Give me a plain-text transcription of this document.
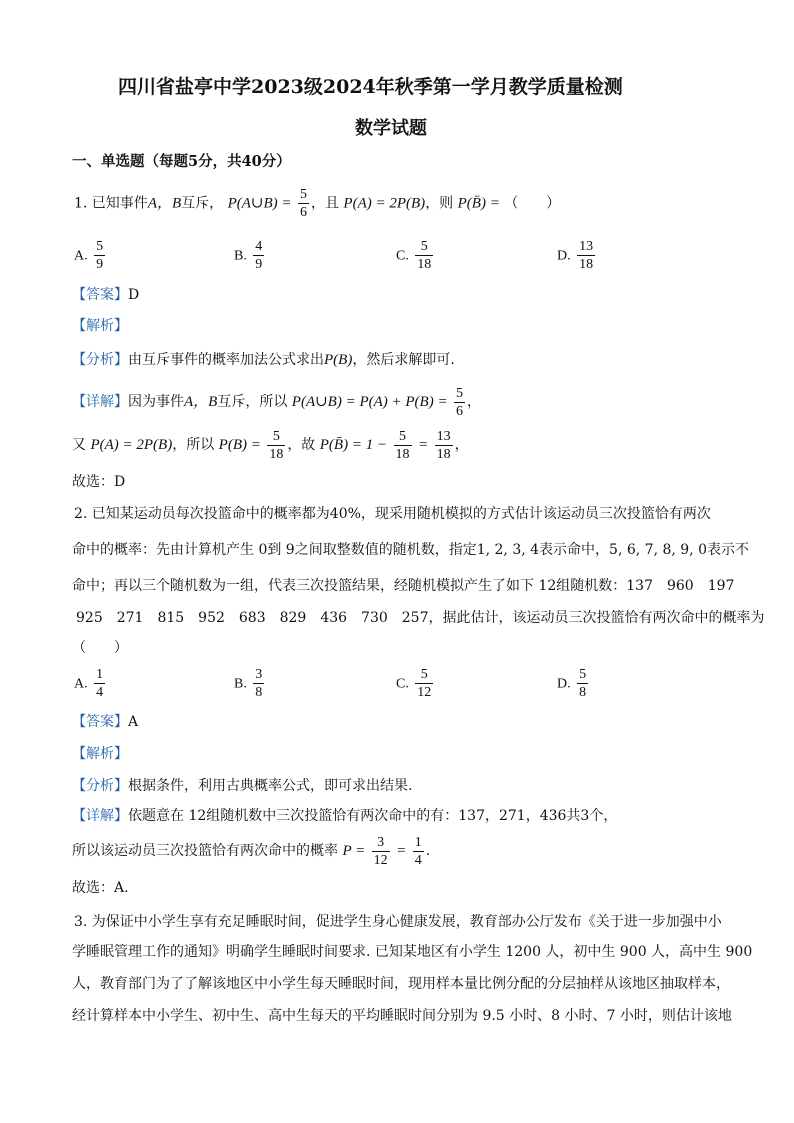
四川省盐亭中学2023级2024年秋季第一学月教学质量检测
数学试题
一、单选题（每题5分，共40分）
1. 已知事件A，B互斥， P(A∪B) = $\frac{5}{6}$ ，且 P(A) = 2P(B)，则 P(B̄) = （　　）
A. $\frac{5}{9}$	B. $\frac{4}{9}$	C. $\frac{5}{18}$	D. $\frac{13}{18}$
【答案】D
【解析】
【分析】由互斥事件的概率加法公式求出P(B)，然后求解即可.
【详解】因为事件A，B互斥，所以 P(A∪B) = $P(A) + P(B) = \frac{5}{6}$ ，
又 P(A) = 2P(B)，所以 $P(B) = \frac{5}{18}$ ，故 P(B̄) = $1 - \frac{5}{18} = \frac{13}{18}$ ，
故选：D
2. 已知某运动员每次投篮命中的概率都为40%，现采用随机模拟的方式估计该运动员三次投篮恰有两次
命中的概率：先由计算机产生 0到 9之间取整数值的随机数，指定1, 2, 3, 4表示命中，5, 6, 7, 8, 9, 0表示不
命中；再以三个随机数为一组，代表三次投篮结果，经随机模拟产生了如下 12组随机数：137　960　197
925　271　815　952　683　829　436　730　257，据此估计，该运动员三次投篮恰有两次命中的概率为
（　　）
A. $\frac{1}{4}$	B. $\frac{3}{8}$	C. $\frac{5}{12}$	D. $\frac{5}{8}$
【答案】A
【解析】
【分析】根据条件，利用古典概率公式，即可求出结果.
【详解】依题意在 12组随机数中三次投篮恰有两次命中的有：137，271，436共3个，
所以该运动员三次投篮恰有两次命中的概率 $P = \frac{3}{12} = \frac{1}{4}$ .
故选：A.
3. 为保证中小学生享有充足睡眠时间，促进学生身心健康发展，教育部办公厅发布《关于进一步加强中小
学睡眠管理工作的通知》明确学生睡眠时间要求. 已知某地区有小学生 1200 人，初中生 900 人，高中生 900
人，教育部门为了了解该地区中小学生每天睡眠时间，现用样本量比例分配的分层抽样从该地区抽取样本，
经计算样本中小学生、初中生、高中生每天的平均睡眠时间分别为 9.5 小时、8 小时、7 小时，则估计该地
